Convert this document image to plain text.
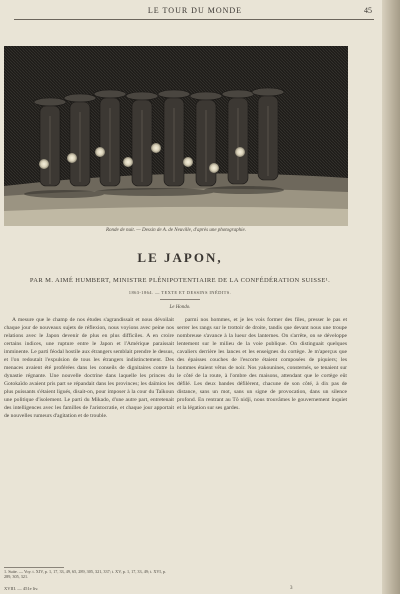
LE TOUR DU MONDE	45
Ronde de nuit. — Dessin de A. de Neuville, d'après une photographie.
LE JAPON,
PAR M. AIMÉ HUMBERT, MINISTRE PLÉNIPOTENTIAIRE DE LA CONFÉDÉRATION SUISSE¹.
1863-1864. — TEXTE ET DESSINS INÉDITS.
Le Hondo.

A mesure que le champ de nos études s'agrandissait et nous dévoilait chaque jour de nouveaux sujets de réflexion, nous voyions avec peine nos relations avec le Japon devenir de plus en plus difficiles. A en croire certains indices, une rupture entre le Japon et l'Amérique paraissait imminente. Le parti féodal hostile aux étrangers semblait prendre le dessus, et l'on redoutait l'expulsion de tous les étrangers indistinctement. Des menaces avaient été proférées dans les conseils de dignitaires contre la dynastie régnante. Une nouvelle doctrine dans laquelle les princes du Gotokaïdo avaient pris part se répandait dans les provinces; les daïmios les plus puissants s'étaient ligués, disait-on, pour imposer à la cour du Taïkoun une politique d'isolement. Le parti du Mikado, d'une autre part, entretenait des intelligences avec les familles de l'aristocratie, et chaque jour apportait de nouvelles rumeurs d'agitation et de trouble.

parmi nos hommes, et je les vois former des files, presser le pas et serrer les rangs sur le trottoir de droite, tandis que devant nous une troupe nombreuse s'avance à la lueur des lanternes. On s'arrête, on se développe lentement sur le milieu de la voie publique. On distinguait quelques cavaliers derrière les lances et les enseignes du cortège. Je m'aperçus que des épaisses couches de l'escorte étaient composées de piquiers; les hommes étaient vêtus de noir. Nos yakounines, consternés, se tenaient sur le côté de la route, à l'ombre des maisons, attendant que le cortège eût défilé. Les deux bandes défilèrent, chacune de son côté, à dix pas de distance, sans un mot, sans un signe de provocation, dans un silence profond. En rentrant au Tô nidji, nous trouvâmes le gouvernement inquiet et la légation sur ses gardes.

1. Suite. — Voy. t. XIV, p. 1, 17, 33, 49, 65, 289, 305, 321, 337; t. XV, p. 1, 17, 33, 49; t. XVI, p. 289, 305, 321.
XVIII. — 451e liv.	3
